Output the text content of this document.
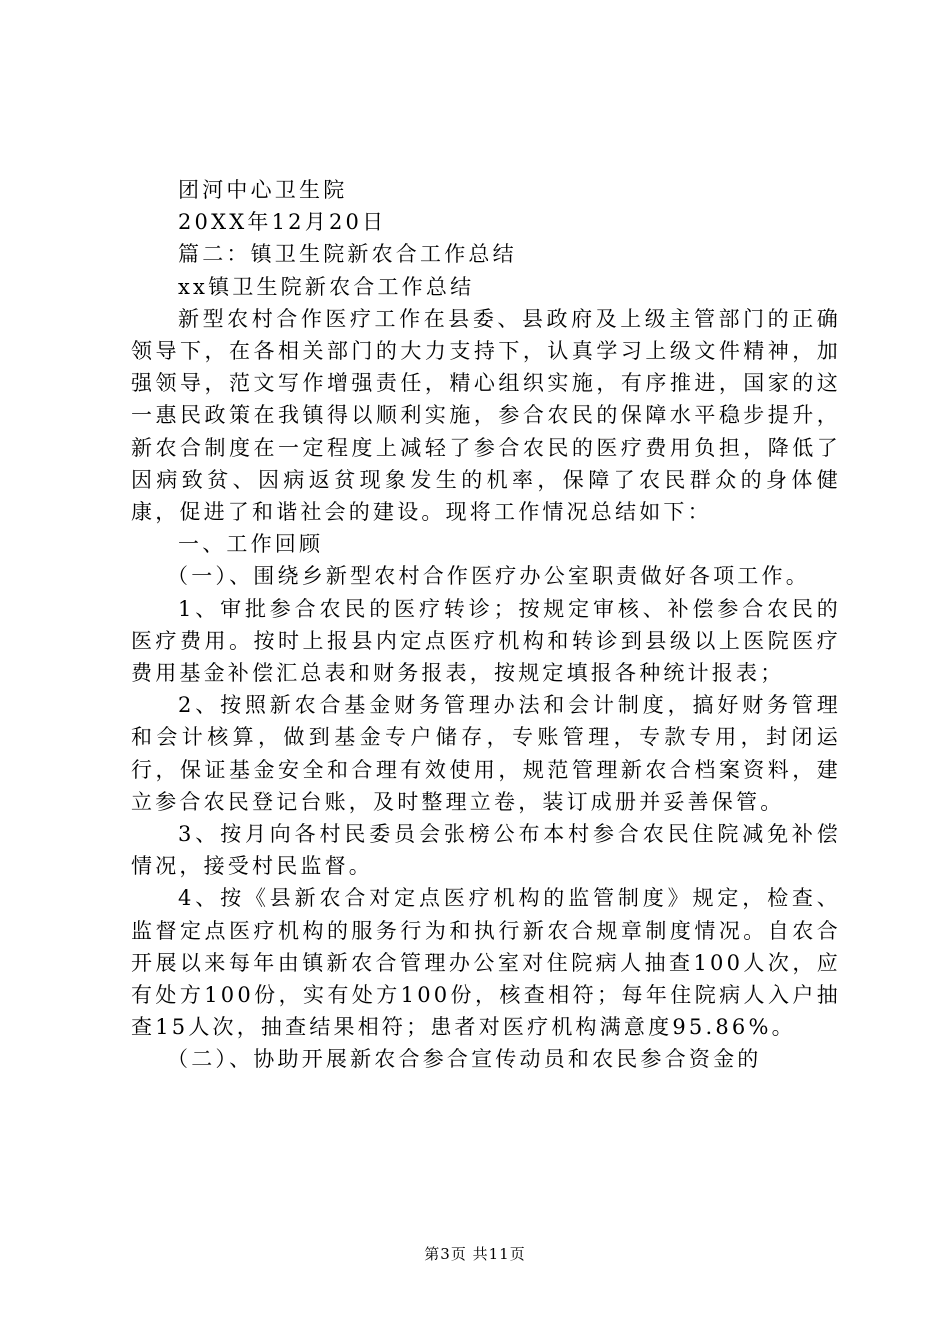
团河中心卫生院

20XX年12月20日

篇二：镇卫生院新农合工作总结

xx镇卫生院新农合工作总结

新型农村合作医疗工作在县委、县政府及上级主管部门的正确领导下，在各相关部门的大力支持下，认真学习上级文件精神，加强领导，范文写作增强责任，精心组织实施，有序推进，国家的这一惠民政策在我镇得以顺利实施，参合农民的保障水平稳步提升，新农合制度在一定程度上减轻了参合农民的医疗费用负担，降低了因病致贫、因病返贫现象发生的机率，保障了农民群众的身体健康，促进了和谐社会的建设。现将工作情况总结如下：

一、工作回顾

（一）、围绕乡新型农村合作医疗办公室职责做好各项工作。

1、审批参合农民的医疗转诊；按规定审核、补偿参合农民的医疗费用。按时上报县内定点医疗机构和转诊到县级以上医院医疗费用基金补偿汇总表和财务报表，按规定填报各种统计报表；

2、按照新农合基金财务管理办法和会计制度，搞好财务管理和会计核算，做到基金专户储存，专账管理，专款专用，封闭运行，保证基金安全和合理有效使用，规范管理新农合档案资料，建立参合农民登记台账，及时整理立卷，装订成册并妥善保管。

3、按月向各村民委员会张榜公布本村参合农民住院减免补偿情况，接受村民监督。

4、按《县新农合对定点医疗机构的监管制度》规定，检查、监督定点医疗机构的服务行为和执行新农合规章制度情况。自农合开展以来每年由镇新农合管理办公室对住院病人抽查100人次，应有处方100份，实有处方100份，核查相符；每年住院病人入户抽查15人次，抽查结果相符；患者对医疗机构满意度95.86%。

（二）、协助开展新农合参合宣传动员和农民参合资金的

第3页 共11页
